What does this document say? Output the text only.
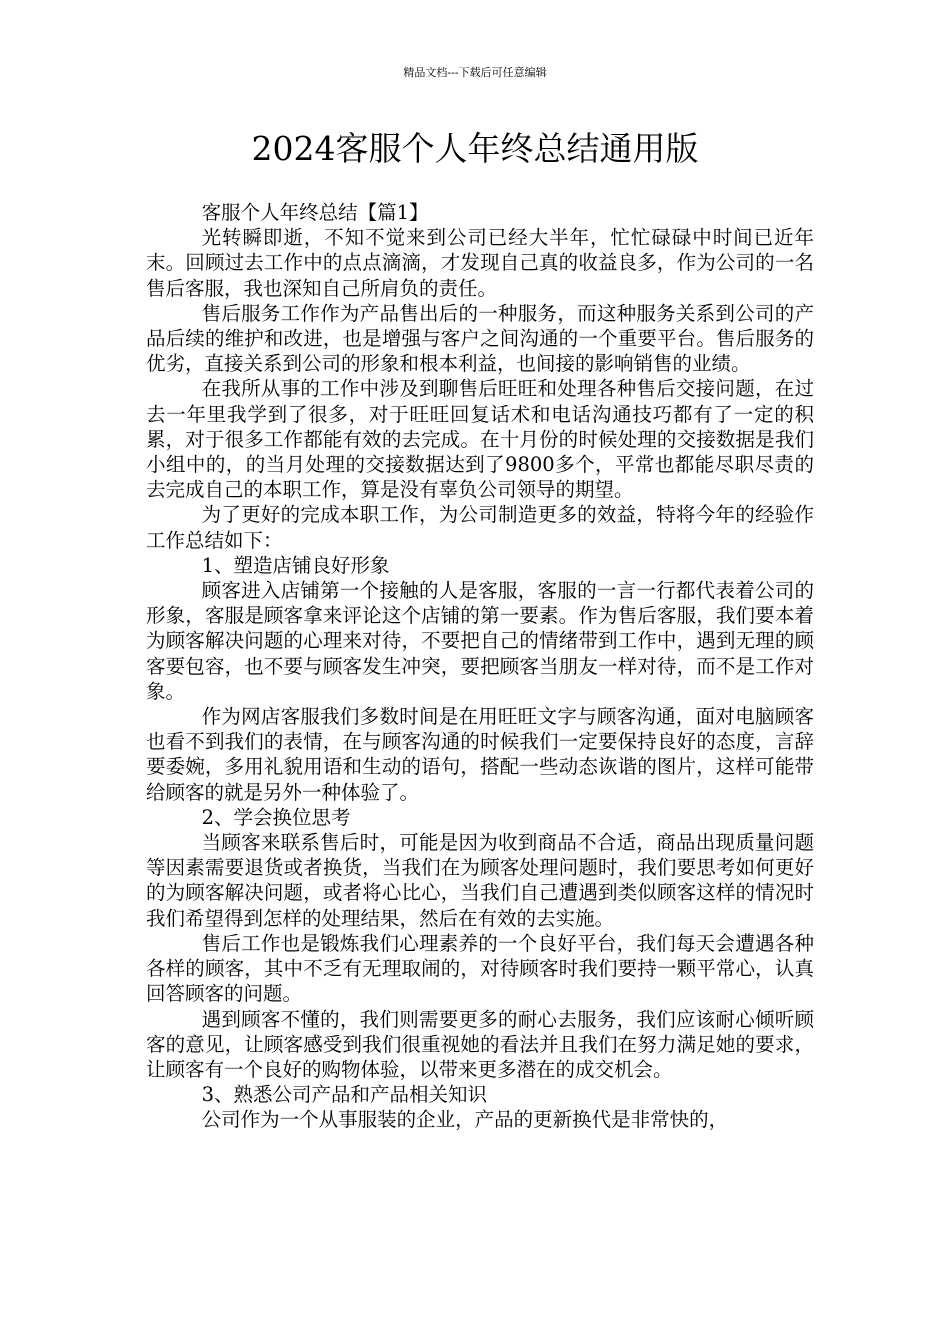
精品文档---下载后可任意编辑
2024客服个人年终总结通用版

客服个人年终总结【篇1】

光转瞬即逝，不知不觉来到公司已经大半年，忙忙碌碌中时间已近年末。回顾过去工作中的点点滴滴，才发现自己真的收益良多，作为公司的一名售后客服，我也深知自己所肩负的责任。

售后服务工作作为产品售出后的一种服务，而这种服务关系到公司的产品后续的维护和改进，也是增强与客户之间沟通的一个重要平台。售后服务的优劣，直接关系到公司的形象和根本利益，也间接的影响销售的业绩。

在我所从事的工作中涉及到聊售后旺旺和处理各种售后交接问题，在过去一年里我学到了很多，对于旺旺回复话术和电话沟通技巧都有了一定的积累，对于很多工作都能有效的去完成。在十月份的时候处理的交接数据是我们小组中的，的当月处理的交接数据达到了9800多个，平常也都能尽职尽责的去完成自己的本职工作，算是没有辜负公司领导的期望。

为了更好的完成本职工作，为公司制造更多的效益，特将今年的经验作工作总结如下：

1、塑造店铺良好形象

顾客进入店铺第一个接触的人是客服，客服的一言一行都代表着公司的形象，客服是顾客拿来评论这个店铺的第一要素。作为售后客服，我们要本着为顾客解决问题的心理来对待，不要把自己的情绪带到工作中，遇到无理的顾客要包容，也不要与顾客发生冲突，要把顾客当朋友一样对待，而不是工作对象。

作为网店客服我们多数时间是在用旺旺文字与顾客沟通，面对电脑顾客也看不到我们的表情，在与顾客沟通的时候我们一定要保持良好的态度，言辞要委婉，多用礼貌用语和生动的语句，搭配一些动态诙谐的图片，这样可能带给顾客的就是另外一种体验了。

2、学会换位思考

当顾客来联系售后时，可能是因为收到商品不合适，商品出现质量问题等因素需要退货或者换货，当我们在为顾客处理问题时，我们要思考如何更好的为顾客解决问题，或者将心比心，当我们自己遭遇到类似顾客这样的情况时我们希望得到怎样的处理结果，然后在有效的去实施。

售后工作也是锻炼我们心理素养的一个良好平台，我们每天会遭遇各种各样的顾客，其中不乏有无理取闹的，对待顾客时我们要持一颗平常心，认真回答顾客的问题。

遇到顾客不懂的，我们则需要更多的耐心去服务，我们应该耐心倾听顾客的意见，让顾客感受到我们很重视她的看法并且我们在努力满足她的要求，让顾客有一个良好的购物体验，以带来更多潜在的成交机会。

3、熟悉公司产品和产品相关知识

公司作为一个从事服装的企业，产品的更新换代是非常快的，
